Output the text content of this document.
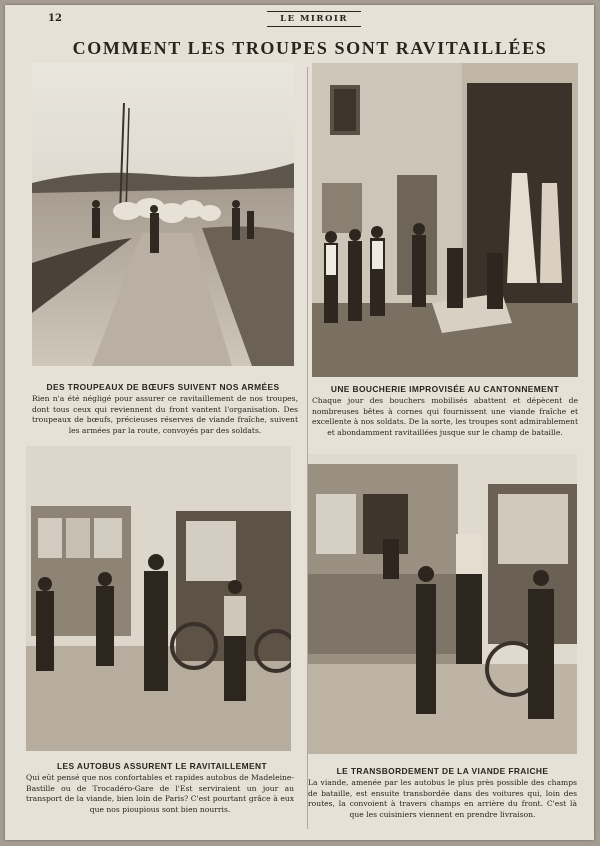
12	LE MIROIR
COMMENT LES TROUPES SONT RAVITAILLÉES
DES TROUPEAUX DE BŒUFS SUIVENT NOS ARMÉES
Rien n'a été négligé pour assurer ce ravitaillement de nos troupes, dont tous ceux qui reviennent du front vantent l'organisation. Des troupeaux de bœufs, précieuses réserves de viande fraîche, suivent les armées par la route, convoyés par des soldats.
UNE BOUCHERIE IMPROVISÉE AU CANTONNEMENT
Chaque jour des bouchers mobilisés abattent et dépècent de nombreuses bêtes à cornes qui fournissent une viande fraîche et excellente à nos soldats. De la sorte, les troupes sont admirablement et abondamment ravitaillées jusque sur le champ de bataille.
LES AUTOBUS ASSURENT LE RAVITAILLEMENT
Qui eût pensé que nos confortables et rapides autobus de Madeleine-Bastille ou de Trocadéro-Gare de l'Est serviraient un jour au transport de la viande, bien loin de Paris? C'est pourtant grâce à eux que nos pioupious sont bien nourris.
LE TRANSBORDEMENT DE LA VIANDE FRAICHE
La viande, amenée par les autobus le plus près possible des champs de bataille, est ensuite transbordée dans des voitures qui, loin des routes, la convoient à travers champs en arrière du front. C'est là que les cuisiniers viennent en prendre livraison.
